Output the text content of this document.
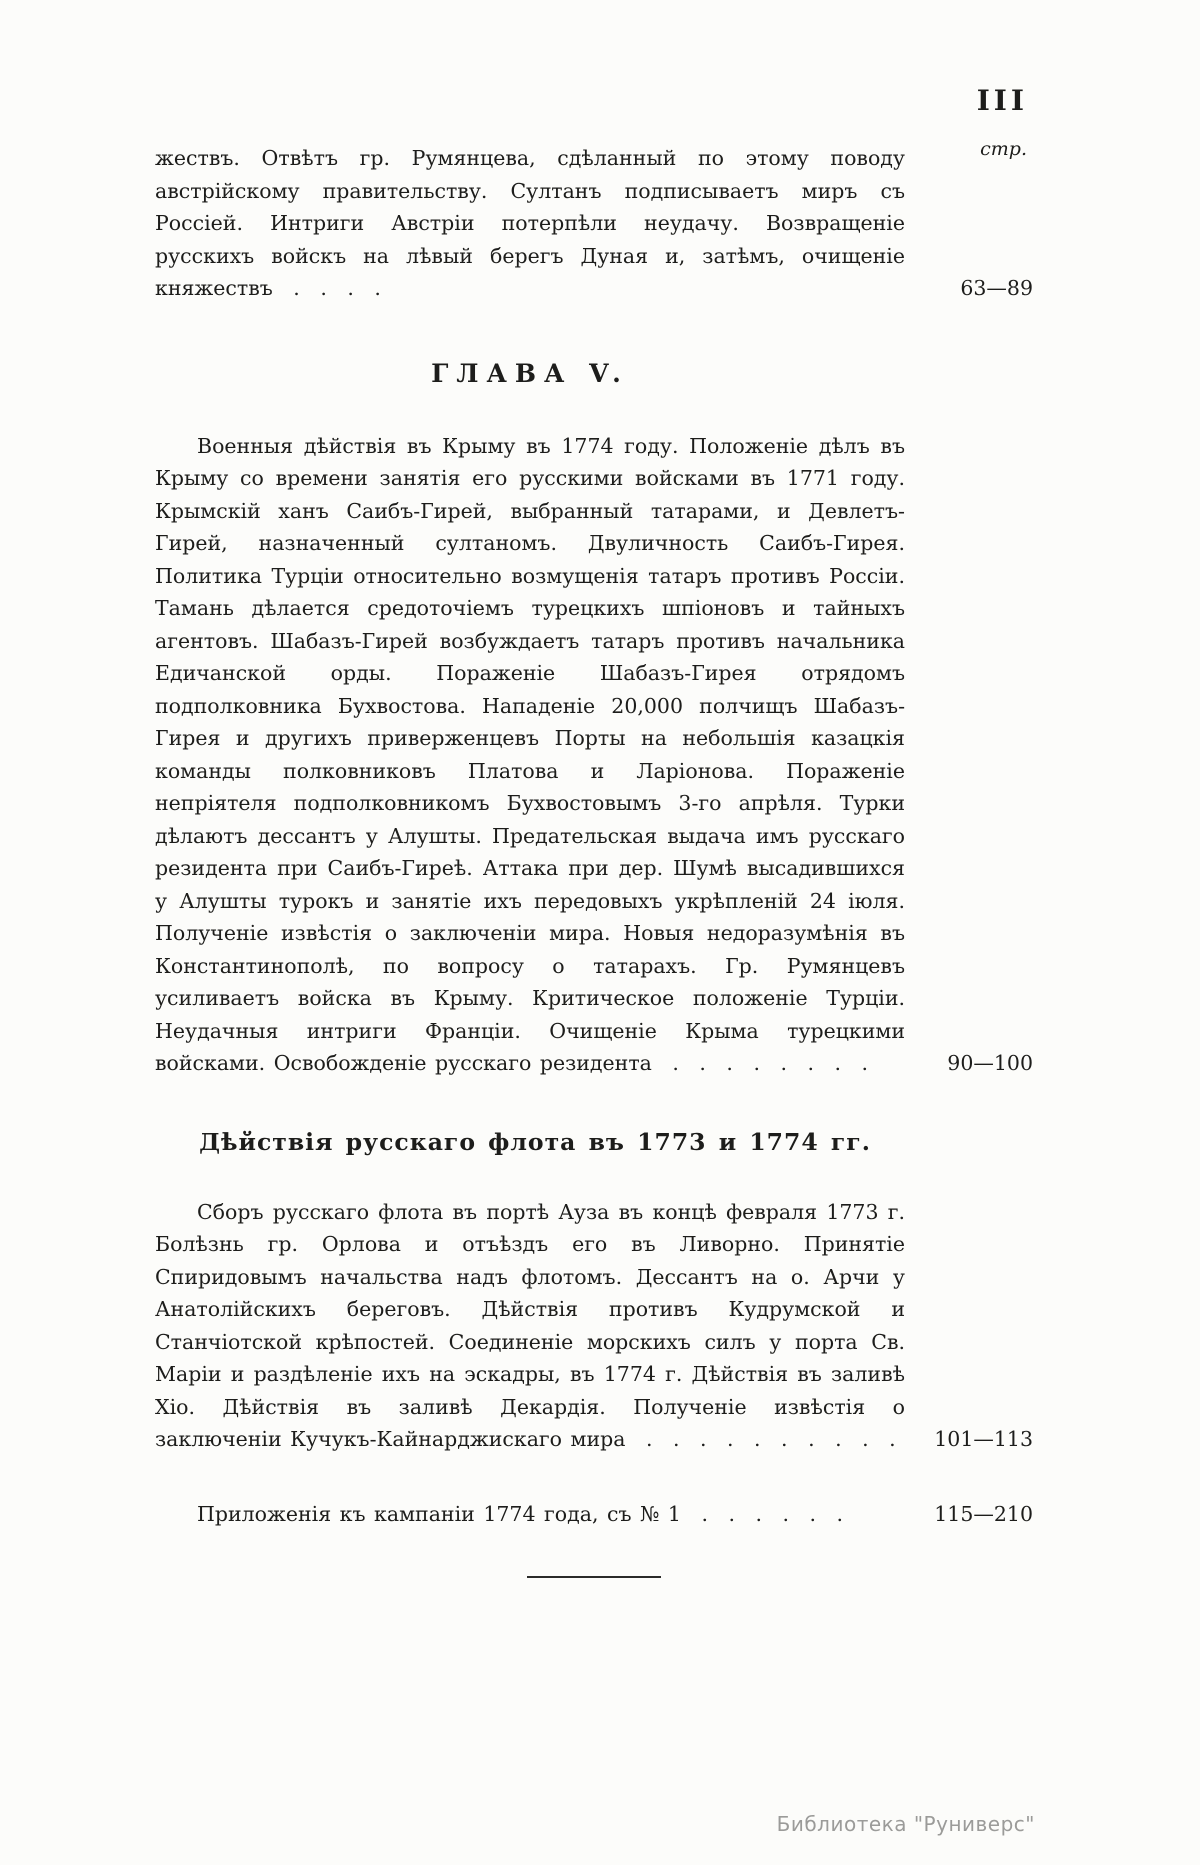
III
стр.

жествъ. Отвѣтъ гр. Румянцева, сдѣланный по этому поводу австрійскому правительству. Султанъ подписываетъ миръ съ Россіей. Интриги Австріи потерпѣли неудачу. Возвращеніе русскихъ войскъ на лѣвый берегъ Дуная и, затѣмъ, очищеніе княжествъ . . . .	63—89
ГЛАВА V.

Военныя дѣйствія въ Крыму въ 1774 году. Положеніе дѣлъ въ Крыму со времени занятія его русскими войсками въ 1771 году. Крымскій ханъ Саибъ-Гирей, выбранный татарами, и Девлетъ-Гирей, назначенный султаномъ. Двуличность Саибъ-Гирея. Политика Турціи относительно возмущенія татаръ противъ Россіи. Тамань дѣлается средоточіемъ турецкихъ шпіоновъ и тайныхъ агентовъ. Шабазъ-Гирей возбуждаетъ татаръ противъ начальника Едичанской орды. Пораженіе Шабазъ-Гирея отрядомъ подполковника Бухвостова. Нападеніе 20,000 полчищъ Шабазъ-Гирея и другихъ приверженцевъ Порты на небольшія казацкія команды полковниковъ Платова и Ларіонова. Пораженіе непріятеля подполковникомъ Бухвостовымъ 3-го апрѣля. Турки дѣлаютъ дессантъ у Алушты. Предательская выдача имъ русскаго резидента при Саибъ-Гиреѣ. Аттака при дер. Шумѣ высадившихся у Алушты турокъ и занятіе ихъ передовыхъ укрѣпленій 24 іюля. Полученіе извѣстія о заключеніи мира. Новыя недоразумѣнія въ Константинополѣ, по вопросу о татарахъ. Гр. Румянцевъ усиливаетъ войска въ Крыму. Критическое положеніе Турціи. Неудачныя интриги Франціи. Очищеніе Крыма турецкими войсками. Освобожденіе русскаго резидента . . . . . . . .	90—100
Дѣйствія русскаго флота въ 1773 и 1774 гг.

Сборъ русскаго флота въ портѣ Ауза въ концѣ февраля 1773 г. Болѣзнь гр. Орлова и отъѣздъ его въ Ливорно. Принятіе Спиридовымъ начальства надъ флотомъ. Дессантъ на о. Арчи у Анатолійскихъ береговъ. Дѣйствія противъ Кудрумской и Станчіотской крѣпостей. Соединеніе морскихъ силъ у порта Св. Маріи и раздѣленіе ихъ на эскадры, въ 1774 г. Дѣйствія въ заливѣ Хіо. Дѣйствія въ заливѣ Декардія. Полученіе извѣстія о заключеніи Кучукъ-Кайнарджискаго мира . . . . . . . . . .	101—113

Приложенія къ кампаніи 1774 года, съ № 1 . . . . . .	115—210
Библиотека "Руниверс"
